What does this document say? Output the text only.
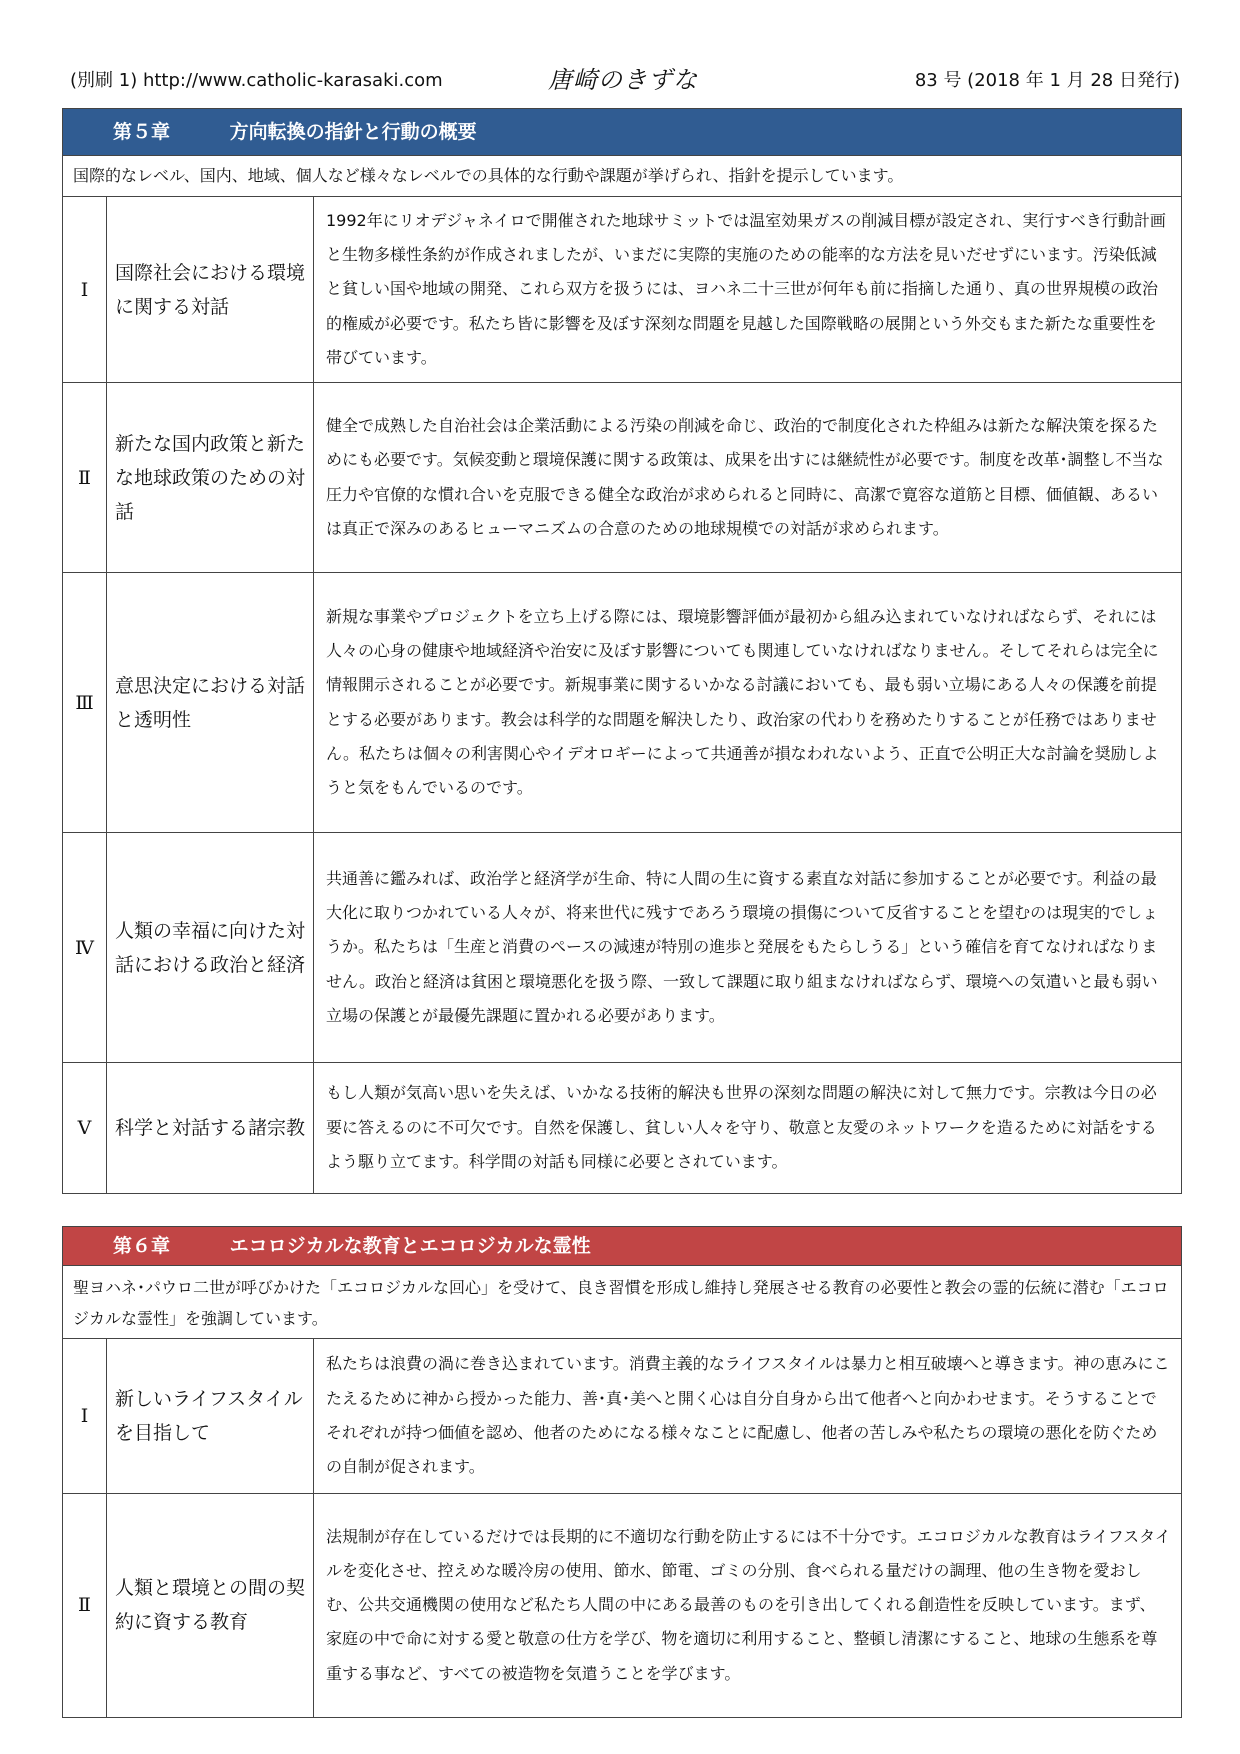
(別刷 1) http://www.catholic-karasaki.com	唐崎のきずな	83 号 (2018 年 1 月 28 日発行)
第５章	方向転換の指針と行動の概要
国際的なレベル、国内、地域、個人など様々なレベルでの具体的な行動や課題が挙げられ、指針を提示しています。
Ⅰ	国際社会における環境に関する対話	1992年にリオデジャネイロで開催された地球サミットでは温室効果ガスの削減目標が設定され、実行すべき行動計画と生物多様性条約が作成されましたが、いまだに実際的実施のための能率的な方法を見いだせずにいます。汚染低減と貧しい国や地域の開発、これら双方を扱うには、ヨハネ二十三世が何年も前に指摘した通り、真の世界規模の政治的権威が必要です。私たち皆に影響を及ぼす深刻な問題を見越した国際戦略の展開という外交もまた新たな重要性を帯びています。
Ⅱ	新たな国内政策と新たな地球政策のための対話	健全で成熟した自治社会は企業活動による汚染の削減を命じ、政治的で制度化された枠組みは新たな解決策を探るためにも必要です。気候変動と環境保護に関する政策は、成果を出すには継続性が必要です。制度を改革･調整し不当な圧力や官僚的な慣れ合いを克服できる健全な政治が求められると同時に、高潔で寛容な道筋と目標、価値観、あるいは真正で深みのあるヒューマニズムの合意のための地球規模での対話が求められます。
Ⅲ	意思決定における対話と透明性	新規な事業やプロジェクトを立ち上げる際には、環境影響評価が最初から組み込まれていなければならず、それには人々の心身の健康や地域経済や治安に及ぼす影響についても関連していなければなりません。そしてそれらは完全に情報開示されることが必要です。新規事業に関するいかなる討議においても、最も弱い立場にある人々の保護を前提とする必要があります。教会は科学的な問題を解決したり、政治家の代わりを務めたりすることが任務ではありません。私たちは個々の利害関心やイデオロギーによって共通善が損なわれないよう、正直で公明正大な討論を奨励しようと気をもんでいるのです。
Ⅳ	人類の幸福に向けた対話における政治と経済	共通善に鑑みれば、政治学と経済学が生命、特に人間の生に資する素直な対話に参加することが必要です。利益の最大化に取りつかれている人々が、将来世代に残すであろう環境の損傷について反省することを望むのは現実的でしょうか。私たちは「生産と消費のペースの減速が特別の進歩と発展をもたらしうる」という確信を育てなければなりません。政治と経済は貧困と環境悪化を扱う際、一致して課題に取り組まなければならず、環境への気遣いと最も弱い立場の保護とが最優先課題に置かれる必要があります。
Ⅴ	科学と対話する諸宗教	もし人類が気高い思いを失えば、いかなる技術的解決も世界の深刻な問題の解決に対して無力です。宗教は今日の必要に答えるのに不可欠です。自然を保護し、貧しい人々を守り、敬意と友愛のネットワークを造るために対話をするよう駆り立てます。科学間の対話も同様に必要とされています。
第６章	エコロジカルな教育とエコロジカルな霊性
聖ヨハネ･パウロ二世が呼びかけた「エコロジカルな回心」を受けて、良き習慣を形成し維持し発展させる教育の必要性と教会の霊的伝統に潜む「エコロジカルな霊性」を強調しています。
Ⅰ	新しいライフスタイルを目指して	私たちは浪費の渦に巻き込まれています。消費主義的なライフスタイルは暴力と相互破壊へと導きます。神の恵みにこたえるために神から授かった能力、善･真･美へと開く心は自分自身から出て他者へと向かわせます。そうすることでそれぞれが持つ価値を認め、他者のためになる様々なことに配慮し、他者の苦しみや私たちの環境の悪化を防ぐための自制が促されます。
Ⅱ	人類と環境との間の契約に資する教育	法規制が存在しているだけでは長期的に不適切な行動を防止するには不十分です。エコロジカルな教育はライフスタイルを変化させ、控えめな暖冷房の使用、節水、節電、ゴミの分別、食べられる量だけの調理、他の生き物を愛おしむ、公共交通機関の使用など私たち人間の中にある最善のものを引き出してくれる創造性を反映しています。まず、家庭の中で命に対する愛と敬意の仕方を学び、物を適切に利用すること、整頓し清潔にすること、地球の生態系を尊重する事など、すべての被造物を気遣うことを学びます。
